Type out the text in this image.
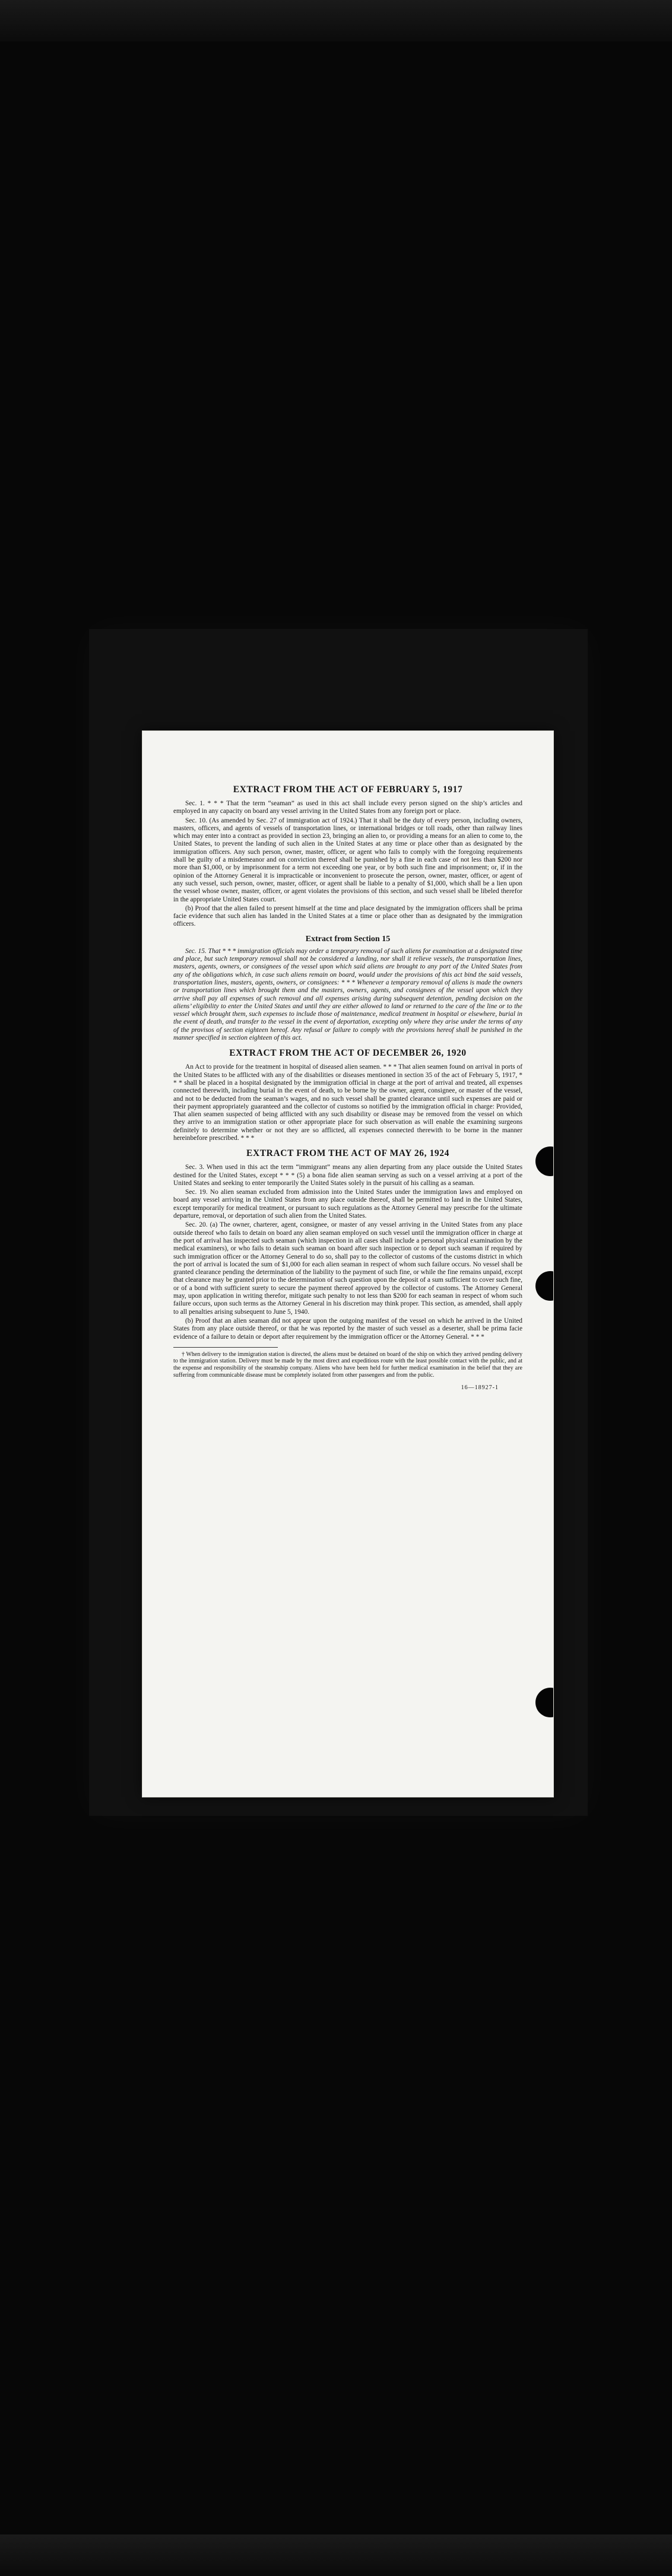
EXTRACT FROM THE ACT OF FEBRUARY 5, 1917

Sec. 1. * * * That the term “seaman” as used in this act shall include every person signed on the ship’s articles and employed in any capacity on board any vessel arriving in the United States from any foreign port or place.

Sec. 10. (As amended by Sec. 27 of immigration act of 1924.) That it shall be the duty of every person, including owners, masters, officers, and agents of vessels of transportation lines, or international bridges or toll roads, other than railway lines which may enter into a contract as provided in section 23, bringing an alien to, or providing a means for an alien to come to, the United States, to prevent the landing of such alien in the United States at any time or place other than as designated by the immigration officers. Any such person, owner, master, officer, or agent who fails to comply with the foregoing requirements shall be guilty of a misdemeanor and on conviction thereof shall be punished by a fine in each case of not less than $200 nor more than $1,000, or by imprisonment for a term not exceeding one year, or by both such fine and imprisonment; or, if in the opinion of the Attorney General it is impracticable or inconvenient to prosecute the person, owner, master, officer, or agent of any such vessel, such person, owner, master, officer, or agent shall be liable to a penalty of $1,000, which shall be a lien upon the vessel whose owner, master, officer, or agent violates the provisions of this section, and such vessel shall be libeled therefor in the appropriate United States court.

(b) Proof that the alien failed to present himself at the time and place designated by the immigration officers shall be prima facie evidence that such alien has landed in the United States at a time or place other than as designated by the immigration officers.

Extract from Section 15

Sec. 15. That * * * immigration officials may order a temporary removal of such aliens for examination at a designated time and place, but such temporary removal shall not be considered a landing, nor shall it relieve vessels, the transportation lines, masters, agents, owners, or consignees of the vessel upon which said aliens are brought to any port of the United States from any of the obligations which, in case such aliens remain on board, would under the provisions of this act bind the said vessels, transportation lines, masters, agents, owners, or consignees: * * * Whenever a temporary removal of aliens is made the owners or transportation lines which brought them and the masters, owners, agents, and consignees of the vessel upon which they arrive shall pay all expenses of such removal and all expenses arising during subsequent detention, pending decision on the aliens’ eligibility to enter the United States and until they are either allowed to land or returned to the care of the line or to the vessel which brought them, such expenses to include those of maintenance, medical treatment in hospital or elsewhere, burial in the event of death, and transfer to the vessel in the event of deportation, excepting only where they arise under the terms of any of the provisos of section eighteen hereof. Any refusal or failure to comply with the provisions hereof shall be punished in the manner specified in section eighteen of this act.

EXTRACT FROM THE ACT OF DECEMBER 26, 1920

An Act to provide for the treatment in hospital of diseased alien seamen. * * * That alien seamen found on arrival in ports of the United States to be afflicted with any of the disabilities or diseases mentioned in section 35 of the act of February 5, 1917, * * * shall be placed in a hospital designated by the immigration official in charge at the port of arrival and treated, all expenses connected therewith, including burial in the event of death, to be borne by the owner, agent, consignee, or master of the vessel, and not to be deducted from the seaman’s wages, and no such vessel shall be granted clearance until such expenses are paid or their payment appropriately guaranteed and the collector of customs so notified by the immigration official in charge: Provided, That alien seamen suspected of being afflicted with any such disability or disease may be removed from the vessel on which they arrive to an immigration station or other appropriate place for such observation as will enable the examining surgeons definitely to determine whether or not they are so afflicted, all expenses connected therewith to be borne in the manner hereinbefore prescribed. * * *

EXTRACT FROM THE ACT OF MAY 26, 1924

Sec. 3. When used in this act the term “immigrant” means any alien departing from any place outside the United States destined for the United States, except * * * (5) a bona fide alien seaman serving as such on a vessel arriving at a port of the United States and seeking to enter temporarily the United States solely in the pursuit of his calling as a seaman.

Sec. 19. No alien seaman excluded from admission into the United States under the immigration laws and employed on board any vessel arriving in the United States from any place outside thereof, shall be permitted to land in the United States, except temporarily for medical treatment, or pursuant to such regulations as the Attorney General may prescribe for the ultimate departure, removal, or deportation of such alien from the United States.

Sec. 20. (a) The owner, charterer, agent, consignee, or master of any vessel arriving in the United States from any place outside thereof who fails to detain on board any alien seaman employed on such vessel until the immigration officer in charge at the port of arrival has inspected such seaman (which inspection in all cases shall include a personal physical examination by the medical examiners), or who fails to detain such seaman on board after such inspection or to deport such seaman if required by such immigration officer or the Attorney General to do so, shall pay to the collector of customs of the customs district in which the port of arrival is located the sum of $1,000 for each alien seaman in respect of whom such failure occurs. No vessel shall be granted clearance pending the determination of the liability to the payment of such fine, or while the fine remains unpaid, except that clearance may be granted prior to the determination of such question upon the deposit of a sum sufficient to cover such fine, or of a bond with sufficient surety to secure the payment thereof approved by the collector of customs. The Attorney General may, upon application in writing therefor, mitigate such penalty to not less than $200 for each seaman in respect of whom such failure occurs, upon such terms as the Attorney General in his discretion may think proper. This section, as amended, shall apply to all penalties arising subsequent to June 5, 1940.

(b) Proof that an alien seaman did not appear upon the outgoing manifest of the vessel on which he arrived in the United States from any place outside thereof, or that he was reported by the master of such vessel as a deserter, shall be prima facie evidence of a failure to detain or deport after requirement by the immigration officer or the Attorney General. * * *

† When delivery to the immigration station is directed, the aliens must be detained on board of the ship on which they arrived pending delivery to the immigration station. Delivery must be made by the most direct and expeditious route with the least possible contact with the public, and at the expense and responsibility of the steamship company. Aliens who have been held for further medical examination in the belief that they are suffering from communicable disease must be completely isolated from other passengers and from the public.

16—18927-1
